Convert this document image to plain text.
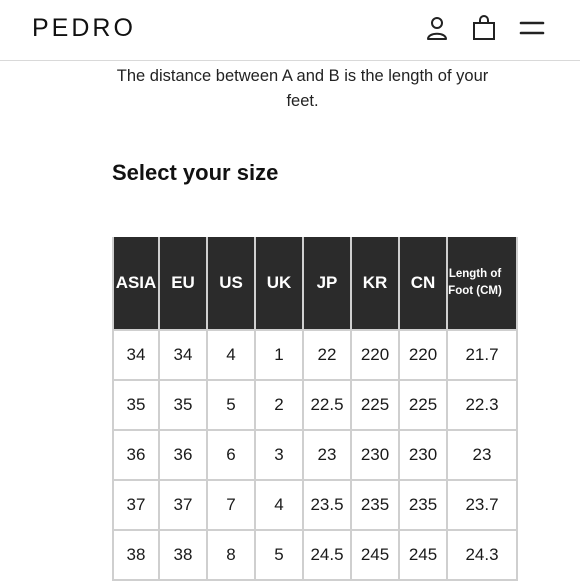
PEDRO
The distance between A and B is the length of your feet.
Select your size
ASIA	EU	US	UK	JP	KR	CN	Length of Foot (CM)
34	34	4	1	22	220	220	21.7
35	35	5	2	22.5	225	225	22.3
36	36	6	3	23	230	230	23
37	37	7	4	23.5	235	235	23.7
38	38	8	5	24.5	245	245	24.3
